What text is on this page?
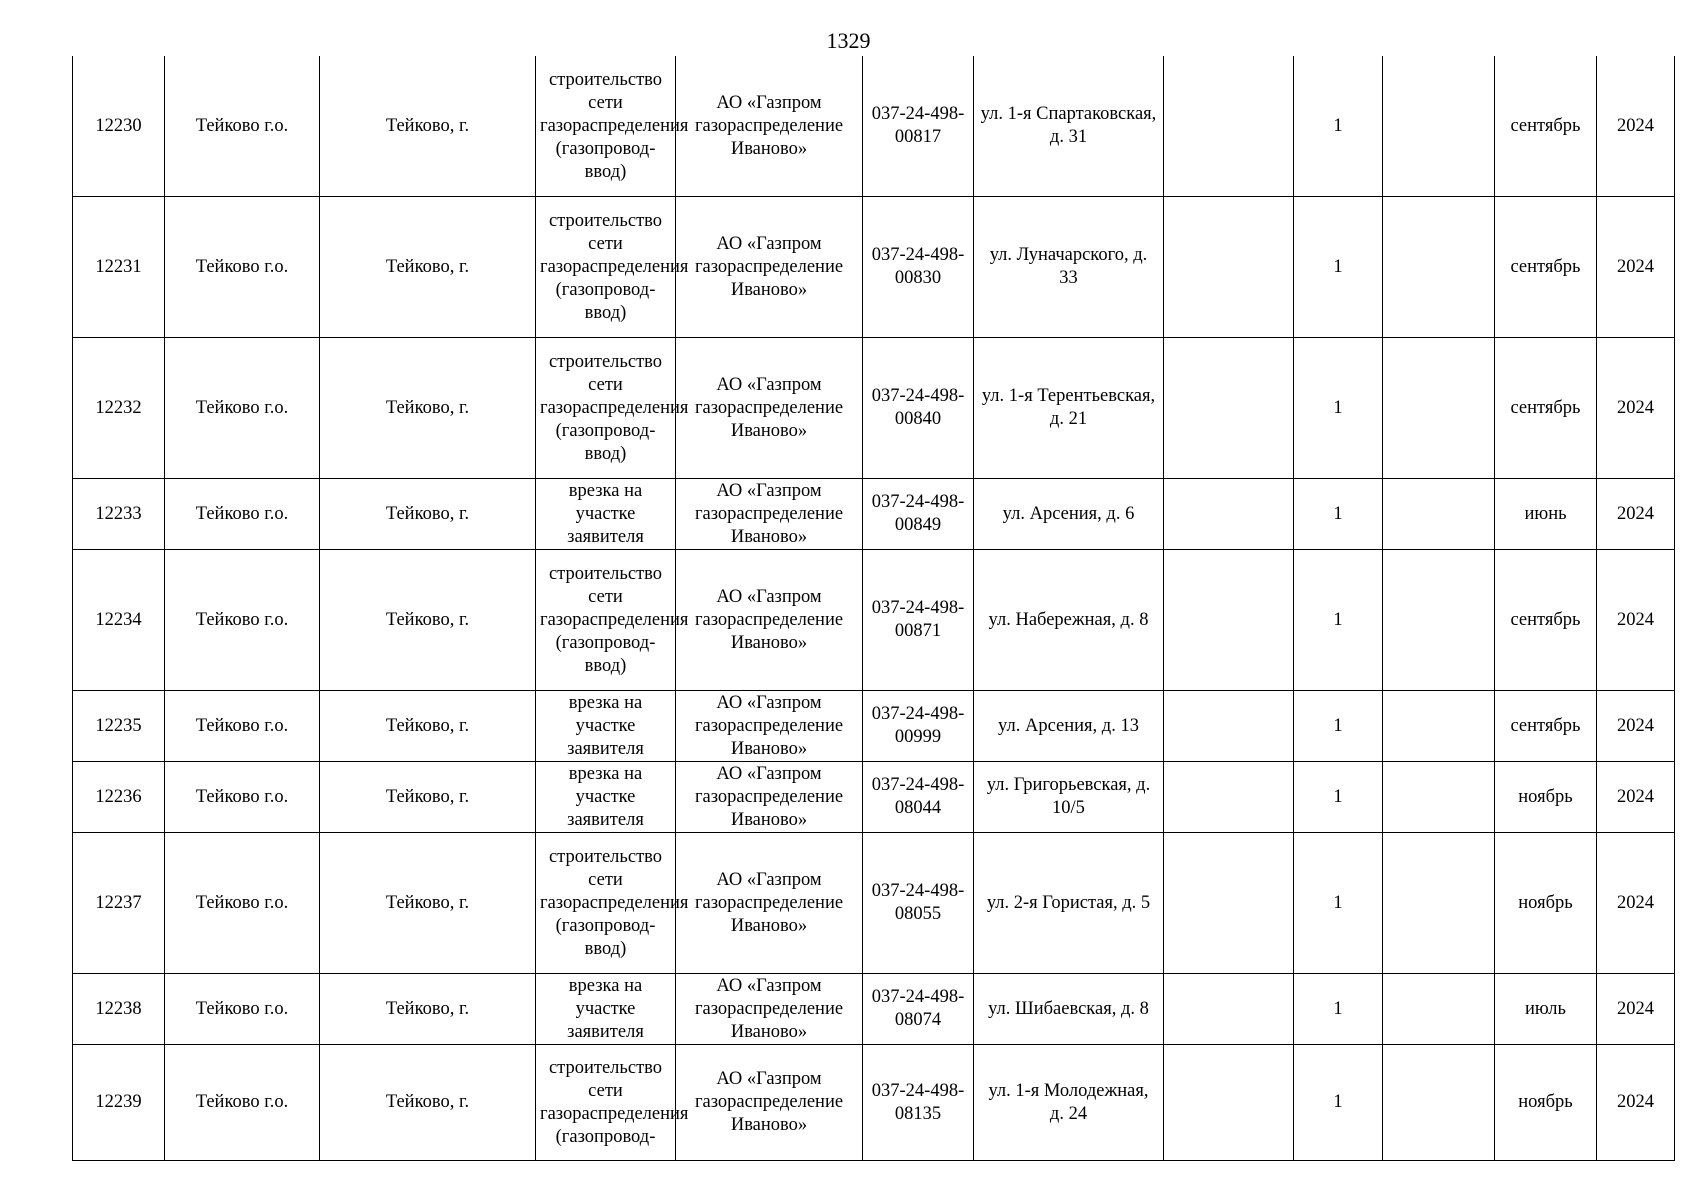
1329
12230	Тейково г.о.	Тейково, г.	строительство сети газораспределения (газопровод-ввод)	АО «Газпром газораспределение Иваново»	037-24-498-00817	ул. 1-я Спартаковская, д. 31		1		сентябрь	2024
12231	Тейково г.о.	Тейково, г.	строительство сети газораспределения (газопровод-ввод)	АО «Газпром газораспределение Иваново»	037-24-498-00830	ул. Луначарского, д. 33		1		сентябрь	2024
12232	Тейково г.о.	Тейково, г.	строительство сети газораспределения (газопровод-ввод)	АО «Газпром газораспределение Иваново»	037-24-498-00840	ул. 1-я Терентьевская, д. 21		1		сентябрь	2024
12233	Тейково г.о.	Тейково, г.	врезка на участке заявителя	АО «Газпром газораспределение Иваново»	037-24-498-00849	ул. Арсения, д. 6		1		июнь	2024
12234	Тейково г.о.	Тейково, г.	строительство сети газораспределения (газопровод-ввод)	АО «Газпром газораспределение Иваново»	037-24-498-00871	ул. Набережная, д. 8		1		сентябрь	2024
12235	Тейково г.о.	Тейково, г.	врезка на участке заявителя	АО «Газпром газораспределение Иваново»	037-24-498-00999	ул. Арсения, д. 13		1		сентябрь	2024
12236	Тейково г.о.	Тейково, г.	врезка на участке заявителя	АО «Газпром газораспределение Иваново»	037-24-498-08044	ул. Григорьевская, д. 10/5		1		ноябрь	2024
12237	Тейково г.о.	Тейково, г.	строительство сети газораспределения (газопровод-ввод)	АО «Газпром газораспределение Иваново»	037-24-498-08055	ул. 2-я Гористая, д. 5		1		ноябрь	2024
12238	Тейково г.о.	Тейково, г.	врезка на участке заявителя	АО «Газпром газораспределение Иваново»	037-24-498-08074	ул. Шибаевская, д. 8		1		июль	2024
12239	Тейково г.о.	Тейково, г.	строительство сети газораспределения (газопровод-	АО «Газпром газораспределение Иваново»	037-24-498-08135	ул. 1-я Молодежная, д. 24		1		ноябрь	2024
